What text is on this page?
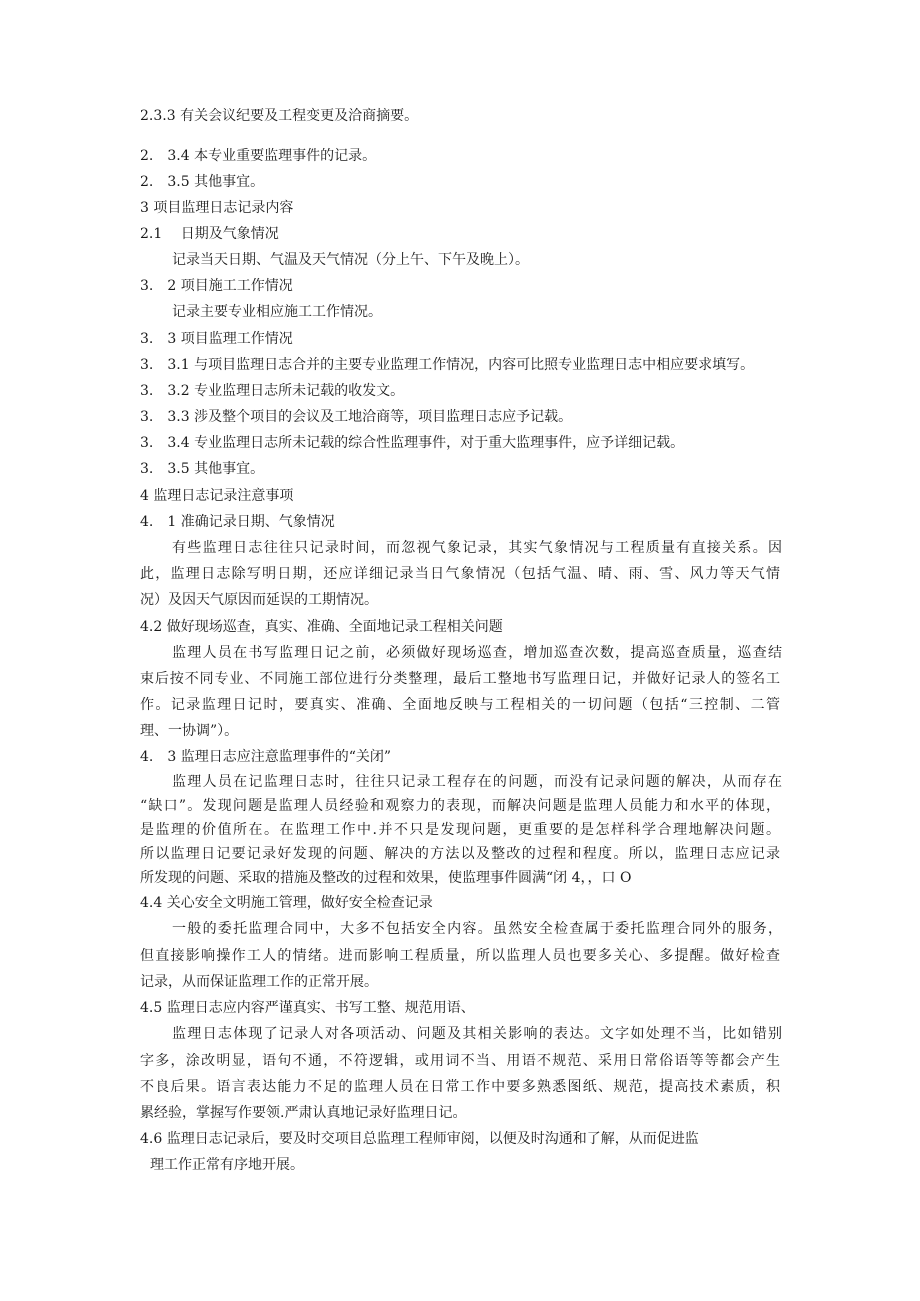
2.3.3 有关会议纪要及工程变更及洽商摘要。
2.　3.4 本专业重要监理事件的记录。
2.　3.5 其他事宜。
3 项目监理日志记录内容
2.1　 日期及气象情况
记录当天日期、气温及天气情况（分上午、下午及晚上）。
3.　2 项目施工工作情况
记录主要专业相应施工工作情况。
3.　3 项目监理工作情况
3.　3.1 与项目监理日志合并的主要专业监理工作情况，内容可比照专业监理日志中相应要求填写。
3.　3.2 专业监理日志所未记载的收发文。
3.　3.3 涉及整个项目的会议及工地洽商等，项目监理日志应予记载。
3.　3.4 专业监理日志所未记载的综合性监理事件，对于重大监理事件，应予详细记载。
3.　3.5 其他事宜。
4 监理日志记录注意事项
4.　1 准确记录日期、气象情况
有些监理日志往往只记录时间，而忽视气象记录，其实气象情况与工程质量有直接关系。因
此，监理日志除写明日期，还应详细记录当日气象情况（包括气温、晴、雨、雪、风力等天气情
况）及因天气原因而延误的工期情况。
4.2 做好现场巡查，真实、准确、全面地记录工程相关问题
监理人员在书写监理日记之前，必须做好现场巡查，增加巡查次数，提高巡查质量，巡查结
束后按不同专业、不同施工部位进行分类整理，最后工整地书写监理日记，并做好记录人的签名工
作。记录监理日记时，要真实、准确、全面地反映与工程相关的一切问题（包括“三控制、二管
理、一协调”）。
4.　3 监理日志应注意监理事件的“关闭”
监理人员在记监理日志时，往往只记录工程存在的问题，而没有记录问题的解决，从而存在
“缺口”。发现问题是监理人员经验和观察力的表现，而解决问题是监理人员能力和水平的体现，
是监理的价值所在。在监理工作中.并不只是发现问题，更重要的是怎样科学合理地解决问题。
所以监理日记要记录好发现的问题、解决的方法以及整改的过程和程度。所以，监理日志应记录
所发现的问题、采取的措施及整改的过程和效果，使监理事件圆满“闭 4，，口 O
4.4 关心安全文明施工管理，做好安全检查记录
一般的委托监理合同中，大多不包括安全内容。虽然安全检查属于委托监理合同外的服务，
但直接影响操作工人的情绪。进而影响工程质量，所以监理人员也要多关心、多提醒。做好检查
记录，从而保证监理工作的正常开展。
4.5 监理日志应内容严谨真实、书写工整、规范用语、
监理日志体现了记录人对各项活动、问题及其相关影响的表达。文字如处理不当，比如错别
字多，涂改明显，语句不通，不符逻辑，或用词不当、用语不规范、采用日常俗语等等都会产生
不良后果。语言表达能力不足的监理人员在日常工作中要多熟悉图纸、规范，提高技术素质，积
累经验，掌握写作要领.严肃认真地记录好监理日记。
4.6 监理日志记录后，要及时交项目总监理工程师审阅，以便及时沟通和了解，从而促进监
理工作正常有序地开展。
